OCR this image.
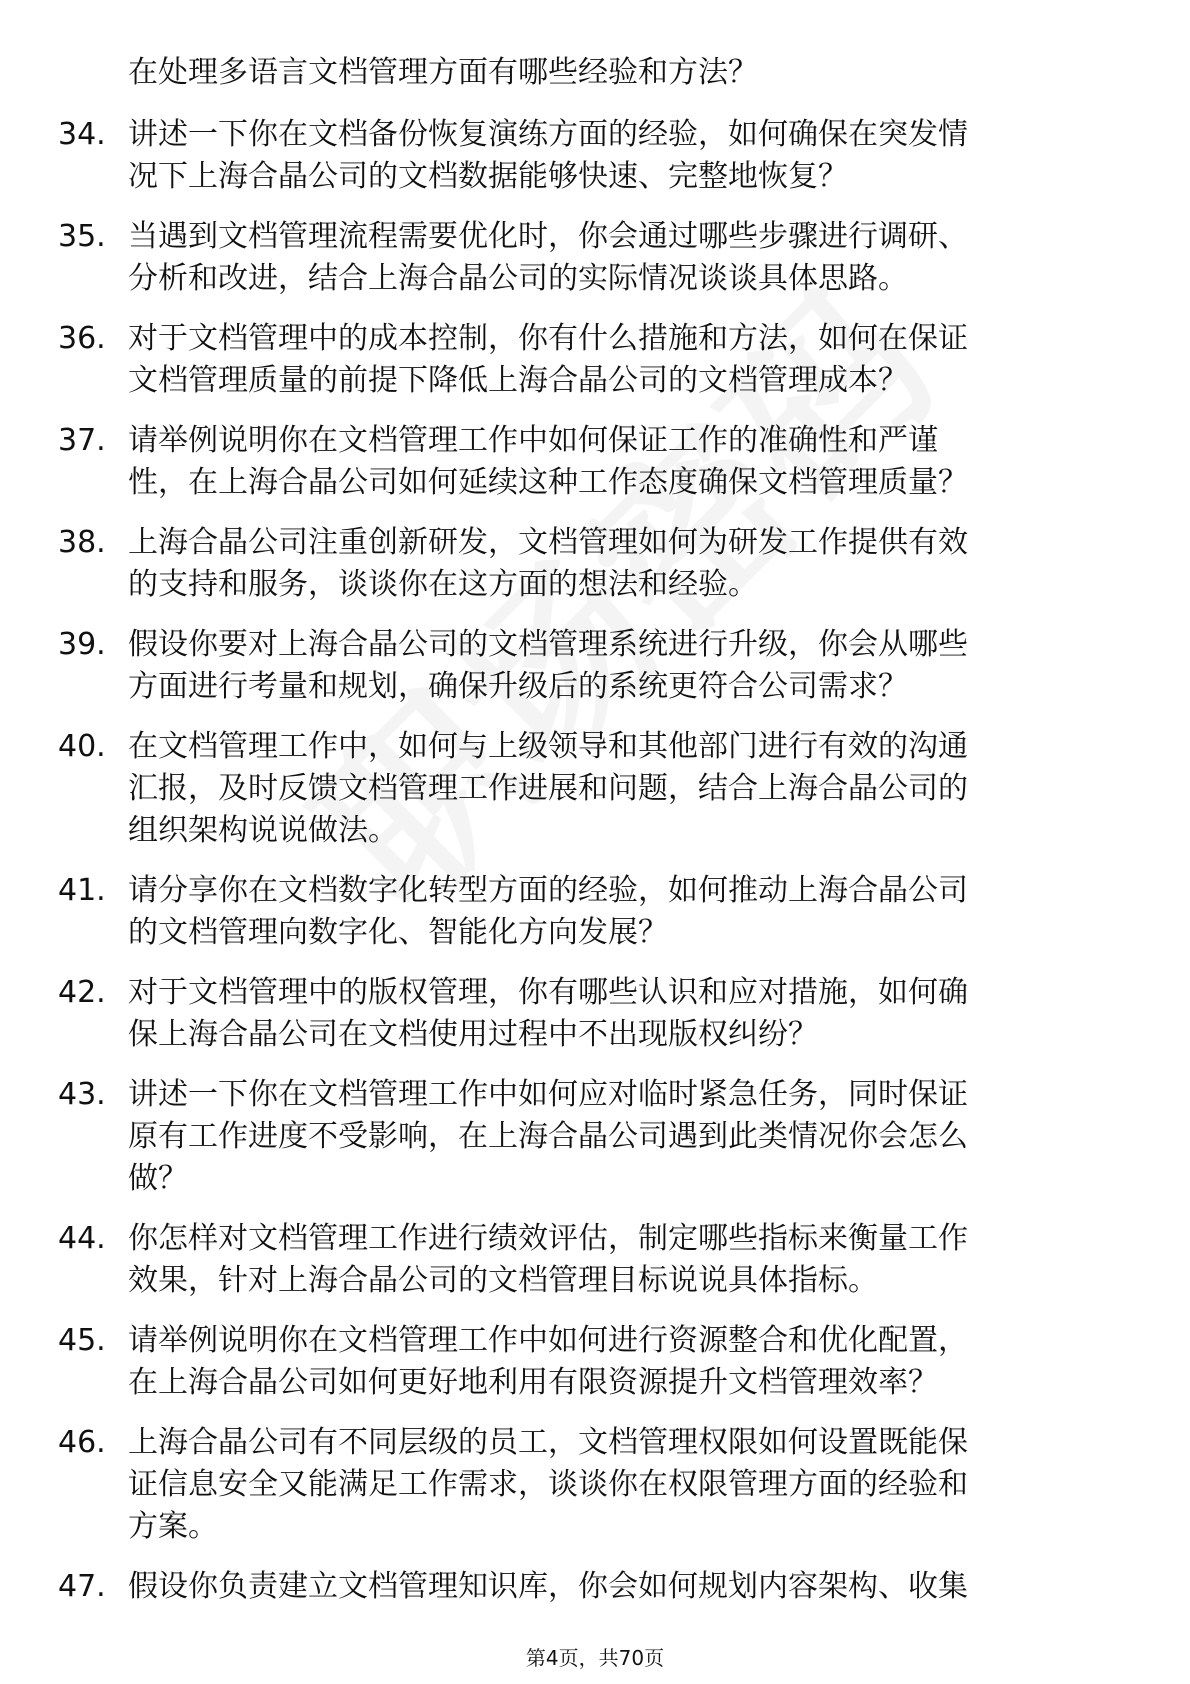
在处理多语言文档管理方面有哪些经验和方法？
34. 讲述一下你在文档备份恢复演练方面的经验，如何确保在突发情
况下上海合晶公司的文档数据能够快速、完整地恢复？
35. 当遇到文档管理流程需要优化时，你会通过哪些步骤进行调研、
分析和改进，结合上海合晶公司的实际情况谈谈具体思路。
36. 对于文档管理中的成本控制，你有什么措施和方法，如何在保证
文档管理质量的前提下降低上海合晶公司的文档管理成本？
37. 请举例说明你在文档管理工作中如何保证工作的准确性和严谨
性，在上海合晶公司如何延续这种工作态度确保文档管理质量？
38. 上海合晶公司注重创新研发，文档管理如何为研发工作提供有效
的支持和服务，谈谈你在这方面的想法和经验。
39. 假设你要对上海合晶公司的文档管理系统进行升级，你会从哪些
方面进行考量和规划，确保升级后的系统更符合公司需求？
40. 在文档管理工作中，如何与上级领导和其他部门进行有效的沟通
汇报，及时反馈文档管理工作进展和问题，结合上海合晶公司的
组织架构说说做法。
41. 请分享你在文档数字化转型方面的经验，如何推动上海合晶公司
的文档管理向数字化、智能化方向发展？
42. 对于文档管理中的版权管理，你有哪些认识和应对措施，如何确
保上海合晶公司在文档使用过程中不出现版权纠纷？
43. 讲述一下你在文档管理工作中如何应对临时紧急任务，同时保证
原有工作进度不受影响，在上海合晶公司遇到此类情况你会怎么
做？
44. 你怎样对文档管理工作进行绩效评估，制定哪些指标来衡量工作
效果，针对上海合晶公司的文档管理目标说说具体指标。
45. 请举例说明你在文档管理工作中如何进行资源整合和优化配置，
在上海合晶公司如何更好地利用有限资源提升文档管理效率？
46. 上海合晶公司有不同层级的员工，文档管理权限如何设置既能保
证信息安全又能满足工作需求，谈谈你在权限管理方面的经验和
方案。
47. 假设你负责建立文档管理知识库，你会如何规划内容架构、收集
第4页，共70页
